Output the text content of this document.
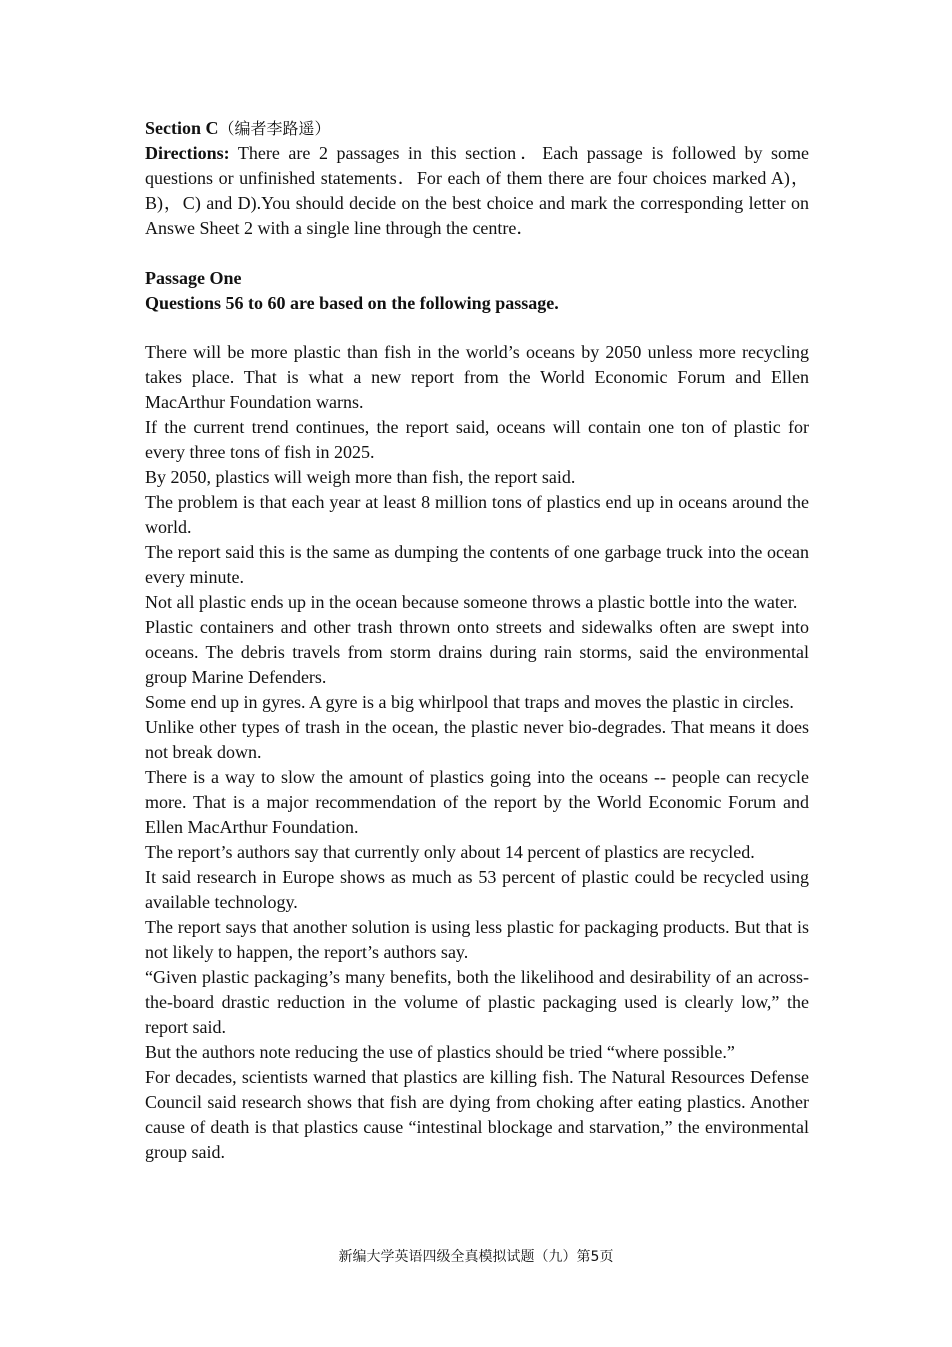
Section C（编者李路遥）

Directions: There are 2 passages in this section．Each passage is followed by some questions or unfinished statements．For each of them there are four choices marked A)，B)，C) and D).You should decide on the best choice and mark the corresponding letter on Answe Sheet 2 with a single line through the centre．

Passage One

Questions 56 to 60 are based on the following passage.

There will be more plastic than fish in the world’s oceans by 2050 unless more recycling takes place. That is what a new report from the World Economic Forum and Ellen MacArthur Foundation warns.

If the current trend continues, the report said, oceans will contain one ton of plastic for every three tons of fish in 2025.

By 2050, plastics will weigh more than fish, the report said.

The problem is that each year at least 8 million tons of plastics end up in oceans around the world.

The report said this is the same as dumping the contents of one garbage truck into the ocean every minute.

Not all plastic ends up in the ocean because someone throws a plastic bottle into the water.

Plastic containers and other trash thrown onto streets and sidewalks often are swept into oceans. The debris travels from storm drains during rain storms, said the environmental group Marine Defenders.

Some end up in gyres. A gyre is a big whirlpool that traps and moves the plastic in circles.

Unlike other types of trash in the ocean, the plastic never bio-degrades. That means it does not break down.

There is a way to slow the amount of plastics going into the oceans -- people can recycle more. That is a major recommendation of the report by the World Economic Forum and Ellen MacArthur Foundation.

The report’s authors say that currently only about 14 percent of plastics are recycled.

It said research in Europe shows as much as 53 percent of plastic could be recycled using available technology.

The report says that another solution is using less plastic for packaging products. But that is not likely to happen, the report’s authors say.

“Given plastic packaging’s many benefits, both the likelihood and desirability of an across-the-board drastic reduction in the volume of plastic packaging used is clearly low,” the report said.

But the authors note reducing the use of plastics should be tried “where possible.”

For decades, scientists warned that plastics are killing fish. The Natural Resources Defense Council said research shows that fish are dying from choking after eating plastics. Another cause of death is that plastics cause “intestinal blockage and starvation,” the environmental group said.

新编大学英语四级全真模拟试题（九）第5页
